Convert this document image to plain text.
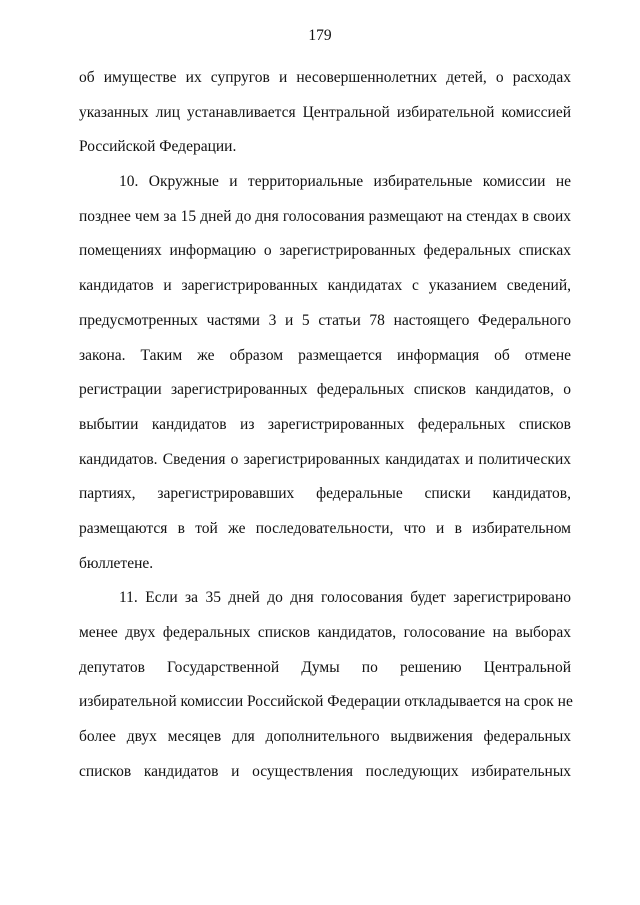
179
об имуществе их супругов и несовершеннолетних детей, о расходах
указанных лиц устанавливается Центральной избирательной комиссией
Российской Федерации.
10. Окружные и территориальные избирательные комиссии не
позднее чем за 15 дней до дня голосования размещают на стендах в своих
помещениях информацию о зарегистрированных федеральных списках
кандидатов и зарегистрированных кандидатах с указанием сведений,
предусмотренных частями 3 и 5 статьи 78 настоящего Федерального
закона. Таким же образом размещается информация об отмене
регистрации зарегистрированных федеральных списков кандидатов, о
выбытии кандидатов из зарегистрированных федеральных списков
кандидатов. Сведения о зарегистрированных кандидатах и политических
партиях, зарегистрировавших федеральные списки кандидатов,
размещаются в той же последовательности, что и в избирательном
бюллетене.
11. Если за 35 дней до дня голосования будет зарегистрировано
менее двух федеральных списков кандидатов, голосование на выборах
депутатов Государственной Думы по решению Центральной
избирательной комиссии Российской Федерации откладывается на срок не
более двух месяцев для дополнительного выдвижения федеральных
списков кандидатов и осуществления последующих избирательных
